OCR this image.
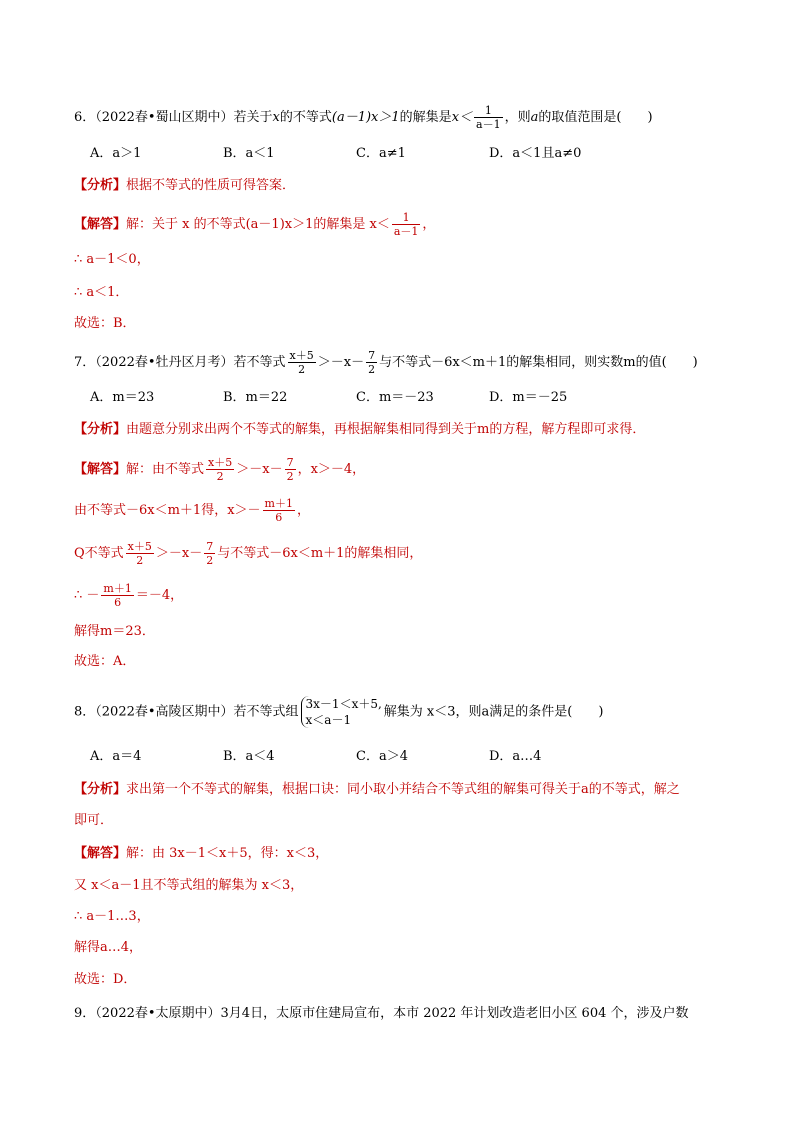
6．（2022春•蜀山区期中）若关于x的不等式(a－1)x＞1的解集是$x< \frac{1}{a-1}$ ，则a的取值范围是(　　)
A．a＞1	B．a＜1	C．a≠1	D．a＜1且a≠0
【分析】根据不等式的性质可得答案．
【解答】解：关于 x 的不等式(a－1)x＞1的解集是 $x< \frac{1}{a-1}$ ，
∴ a－1＜0，
∴ a＜1．
故选：B．
7．（2022春•牡丹区月考）若不等式 $\frac{x+5}{2} >-x- \frac{7}{2}$ 与不等式－6x＜m＋1的解集相同，则实数m的值(　　)
A．m＝23	B．m＝22	C．m＝－23	D．m＝－25
【分析】由题意分别求出两个不等式的解集，再根据解集相同得到关于m的方程，解方程即可求得．
【解答】解：由不等式 $\frac{x+5}{2} >-x- \frac{7}{2}$ ，x＞－4，
由不等式－6x＜m＋1得，$x>- \frac{m+1}{6}$ ，
Q不等式 $\frac{x+5}{2} >-x- \frac{7}{2}$ 与不等式－6x＜m＋1的解集相同，
∴ － $\frac{m+1}{6} =-4$，
解得m＝23．
故选：A．
8．（2022春•高陵区期中）若不等式组
3x－1＜x＋5,
x＜a－1
解集为 x＜3，则a满足的条件是(　　)
A．a＝4	B．a＜4	C．a＞4	D．a…4
【分析】求出第一个不等式的解集，根据口诀：同小取小并结合不等式组的解集可得关于a的不等式，解之
即可．
【解答】解：由 3x－1＜x＋5，得：x＜3，
又 x＜a－1且不等式组的解集为 x＜3，
∴ a－1…3，
解得a…4，
故选：D．
9．（2022春•太原期中）3月4日，太原市住建局宣布，本市 2022 年计划改造老旧小区 604 个，涉及户数
